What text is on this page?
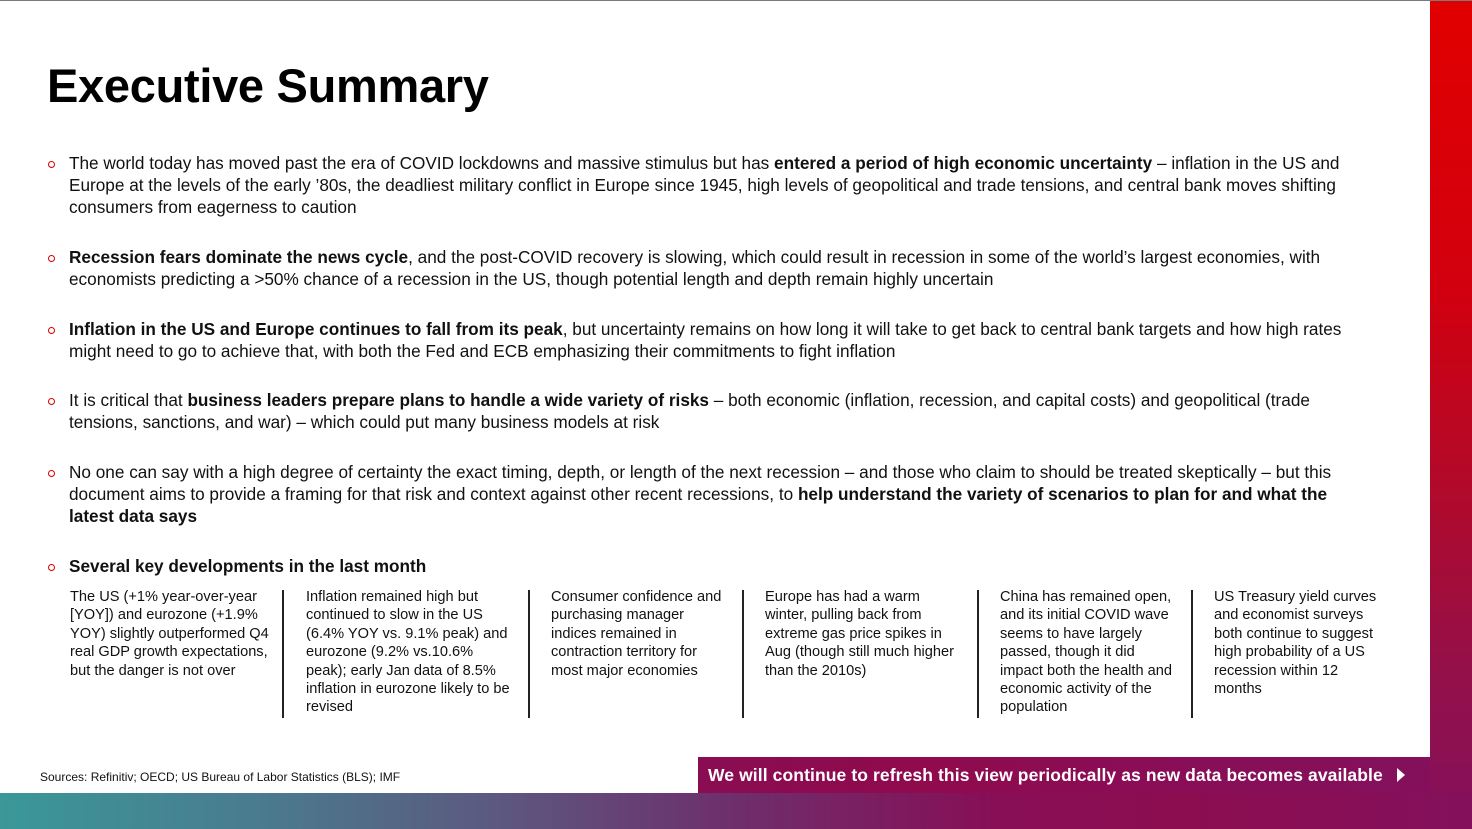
Executive Summary
The world today has moved past the era of COVID lockdowns and massive stimulus but has entered a period of high economic uncertainty – inflation in the US and Europe at the levels of the early ’80s, the deadliest military conflict in Europe since 1945, high levels of geopolitical and trade tensions, and central bank moves shifting consumers from eagerness to caution
Recession fears dominate the news cycle, and the post-COVID recovery is slowing, which could result in recession in some of the world’s largest economies, with economists predicting a >50% chance of a recession in the US, though potential length and depth remain highly uncertain
Inflation in the US and Europe continues to fall from its peak, but uncertainty remains on how long it will take to get back to central bank targets and how high rates might need to go to achieve that, with both the Fed and ECB emphasizing their commitments to fight inflation
It is critical that business leaders prepare plans to handle a wide variety of risks – both economic (inflation, recession, and capital costs) and geopolitical (trade tensions, sanctions, and war) – which could put many business models at risk
No one can say with a high degree of certainty the exact timing, depth, or length of the next recession – and those who claim to should be treated skeptically – but this document aims to provide a framing for that risk and context against other recent recessions, to help understand the variety of scenarios to plan for and what the latest data says
Several key developments in the last month
The US (+1% year-over-year [YOY]) and eurozone (+1.9% YOY) slightly outperformed Q4 real GDP growth expectations, but the danger is not over
Inflation remained high but continued to slow in the US (6.4% YOY vs. 9.1% peak) and eurozone (9.2% vs.10.6% peak); early Jan data of 8.5% inflation in eurozone likely to be revised
Consumer confidence and purchasing manager indices remained in contraction territory for most major economies
Europe has had a warm winter, pulling back from extreme gas price spikes in Aug (though still much higher than the 2010s)
China has remained open, and its initial COVID wave seems to have largely passed, though it did impact both the health and economic activity of the population
US Treasury yield curves and economist surveys both continue to suggest high probability of a US recession within 12 months
Sources: Refinitiv; OECD; US Bureau of Labor Statistics (BLS); IMF	We will continue to refresh this view periodically as new data becomes available
